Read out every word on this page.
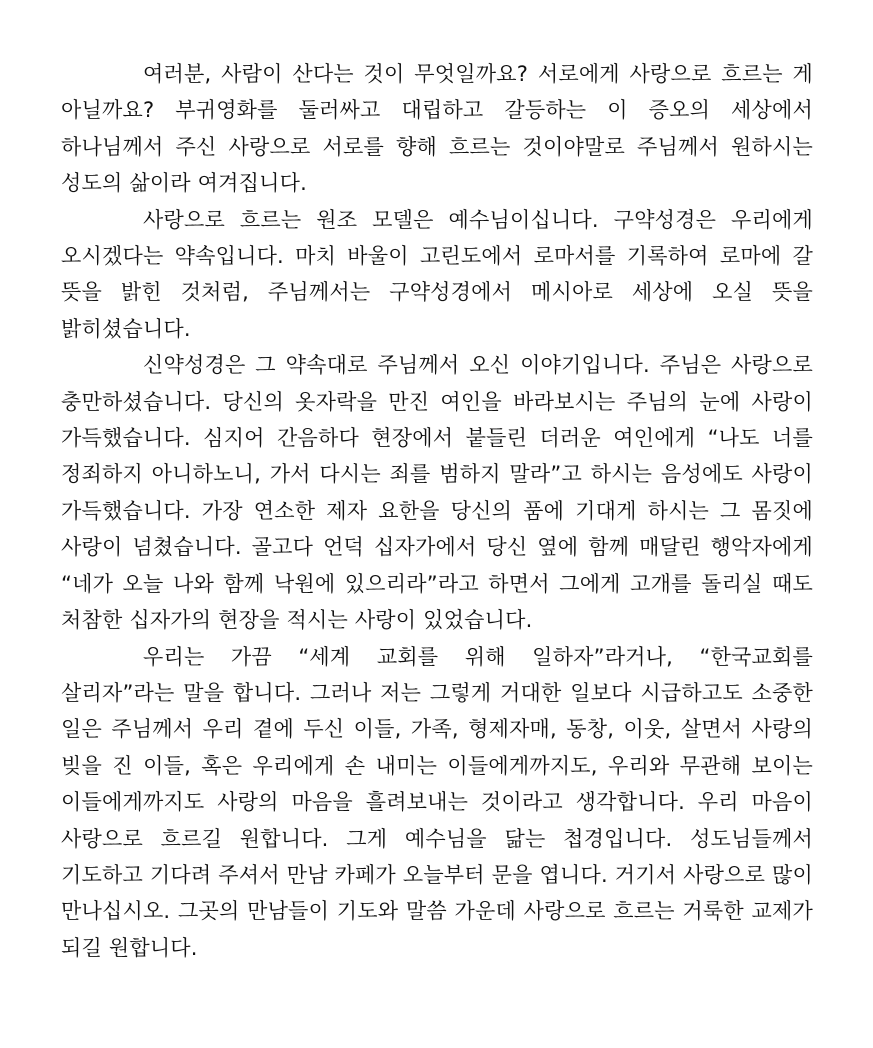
여러분, 사람이 산다는 것이 무엇일까요? 서로에게 사랑으로 흐르는 게 아닐까요? 부귀영화를 둘러싸고 대립하고 갈등하는 이 증오의 세상에서 하나님께서 주신 사랑으로 서로를 향해 흐르는 것이야말로 주님께서 원하시는 성도의 삶이라 여겨집니다.

사랑으로 흐르는 원조 모델은 예수님이십니다. 구약성경은 우리에게 오시겠다는 약속입니다. 마치 바울이 고린도에서 로마서를 기록하여 로마에 갈 뜻을 밝힌 것처럼, 주님께서는 구약성경에서 메시아로 세상에 오실 뜻을 밝히셨습니다.

신약성경은 그 약속대로 주님께서 오신 이야기입니다. 주님은 사랑으로 충만하셨습니다. 당신의 옷자락을 만진 여인을 바라보시는 주님의 눈에 사랑이 가득했습니다. 심지어 간음하다 현장에서 붙들린 더러운 여인에게 “나도 너를 정죄하지 아니하노니, 가서 다시는 죄를 범하지 말라”고 하시는 음성에도 사랑이 가득했습니다. 가장 연소한 제자 요한을 당신의 품에 기대게 하시는 그 몸짓에 사랑이 넘쳤습니다. 골고다 언덕 십자가에서 당신 옆에 함께 매달린 행악자에게 “네가 오늘 나와 함께 낙원에 있으리라”라고 하면서 그에게 고개를 돌리실 때도 처참한 십자가의 현장을 적시는 사랑이 있었습니다.

우리는 가끔 “세계 교회를 위해 일하자”라거나, “한국교회를 살리자”라는 말을 합니다. 그러나 저는 그렇게 거대한 일보다 시급하고도 소중한 일은 주님께서 우리 곁에 두신 이들, 가족, 형제자매, 동창, 이웃, 살면서 사랑의 빚을 진 이들, 혹은 우리에게 손 내미는 이들에게까지도, 우리와 무관해 보이는 이들에게까지도 사랑의 마음을 흘려보내는 것이라고 생각합니다. 우리 마음이 사랑으로 흐르길 원합니다. 그게 예수님을 닮는 첩경입니다. 성도님들께서 기도하고 기다려 주셔서 만남 카페가 오늘부터 문을 엽니다. 거기서 사랑으로 많이 만나십시오. 그곳의 만남들이 기도와 말씀 가운데 사랑으로 흐르는 거룩한 교제가 되길 원합니다.
